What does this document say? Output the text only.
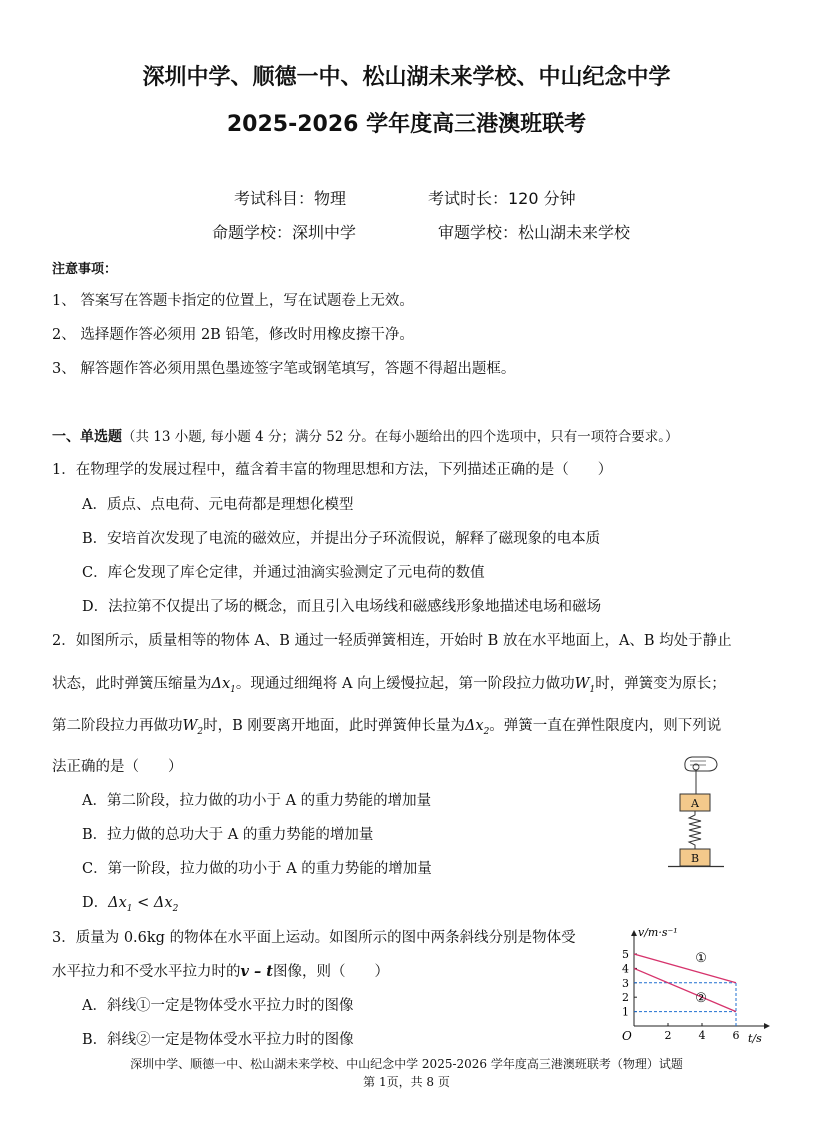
深圳中学、顺德一中、松山湖未来学校、中山纪念中学
2025-2026 学年度高三港澳班联考
考试科目：物理	考试时长：120 分钟
命题学校：深圳中学	审题学校：松山湖未来学校
注意事项：
1、 答案写在答题卡指定的位置上，写在试题卷上无效。
2、 选择题作答必须用 2B 铅笔，修改时用橡皮擦干净。
3、 解答题作答必须用黑色墨迹签字笔或钢笔填写，答题不得超出题框。
一、单选题（共 13 小题, 每小题 4 分；满分 52 分。在每小题给出的四个选项中，只有一项符合要求。）
1．在物理学的发展过程中，蕴含着丰富的物理思想和方法，下列描述正确的是（　　）
A．质点、点电荷、元电荷都是理想化模型
B．安培首次发现了电流的磁效应，并提出分子环流假说，解释了磁现象的电本质
C．库仑发现了库仑定律，并通过油滴实验测定了元电荷的数值
D．法拉第不仅提出了场的概念，而且引入电场线和磁感线形象地描述电场和磁场
2．如图所示，质量相等的物体 A、B 通过一轻质弹簧相连，开始时 B 放在水平地面上，A、B 均处于静止
状态，此时弹簧压缩量为$\Delta x_1$。现通过细绳将 A 向上缓慢拉起，第一阶段拉力做功$W_1$时，弹簧变为原长；
第二阶段拉力再做功$W_2$时，B 刚要离开地面，此时弹簧伸长量为$\Delta x_2$。弹簧一直在弹性限度内，则下列说
法正确的是（　　）
A．第二阶段，拉力做的功小于 A 的重力势能的增加量
B．拉力做的总功大于 A 的重力势能的增加量
C．第一阶段，拉力做的功小于 A 的重力势能的增加量
D．$\Delta x_1 < \Delta x_2$
A
B
3．质量为 0.6kg 的物体在水平面上运动。如图所示的图中两条斜线分别是物体受
水平拉力和不受水平拉力时的v – t图像，则（　　）
A．斜线①一定是物体受水平拉力时的图像
B．斜线②一定是物体受水平拉力时的图像
v/m·s⁻¹
t/s
O	2 4 6
1
2
3
4
5	①
②
深圳中学、顺德一中、松山湖未来学校、中山纪念中学 2025-2026 学年度高三港澳班联考（物理）试题
第 1页，共 8 页
